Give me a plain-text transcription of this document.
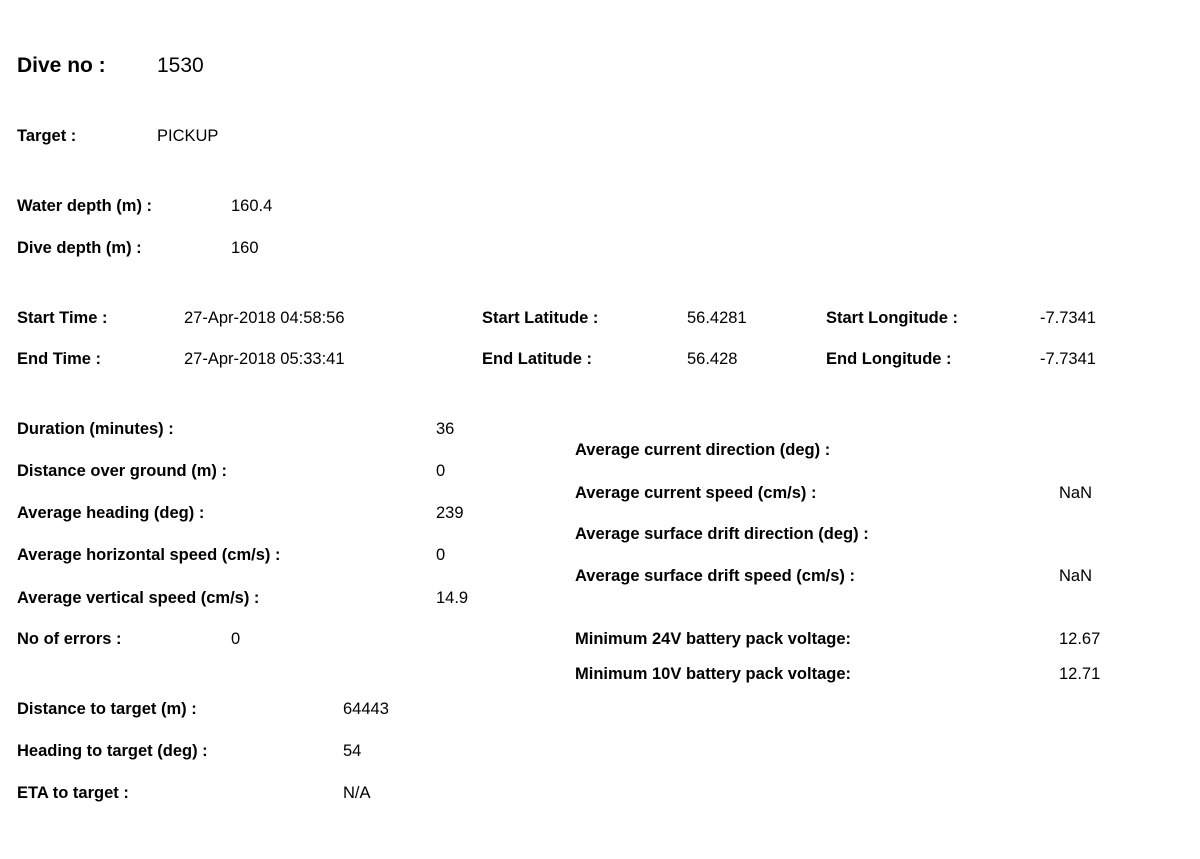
Dive no : 1530
Target :	PICKUP
Water depth (m) :	160.4
Dive depth (m) :	160
Start Time :	27-Apr-2018 04:58:56	Start Latitude :	56.4281	Start Longitude :	-7.7341
End Time :	27-Apr-2018 05:33:41	End Latitude :	56.428	End Longitude :	-7.7341
Duration (minutes) :	36
Distance over ground (m) :	0
Average heading (deg) :	239
Average horizontal speed (cm/s) :	0
Average vertical speed (cm/s) :	14.9
No of errors :	0
Average current direction (deg) :
Average current speed (cm/s) :	NaN
Average surface drift direction (deg) :
Average surface drift speed (cm/s) :	NaN
Minimum 24V battery pack voltage:	12.67
Minimum 10V battery pack voltage:	12.71
Distance to target (m) :	64443
Heading to target (deg) :	54
ETA to target :	N/A
